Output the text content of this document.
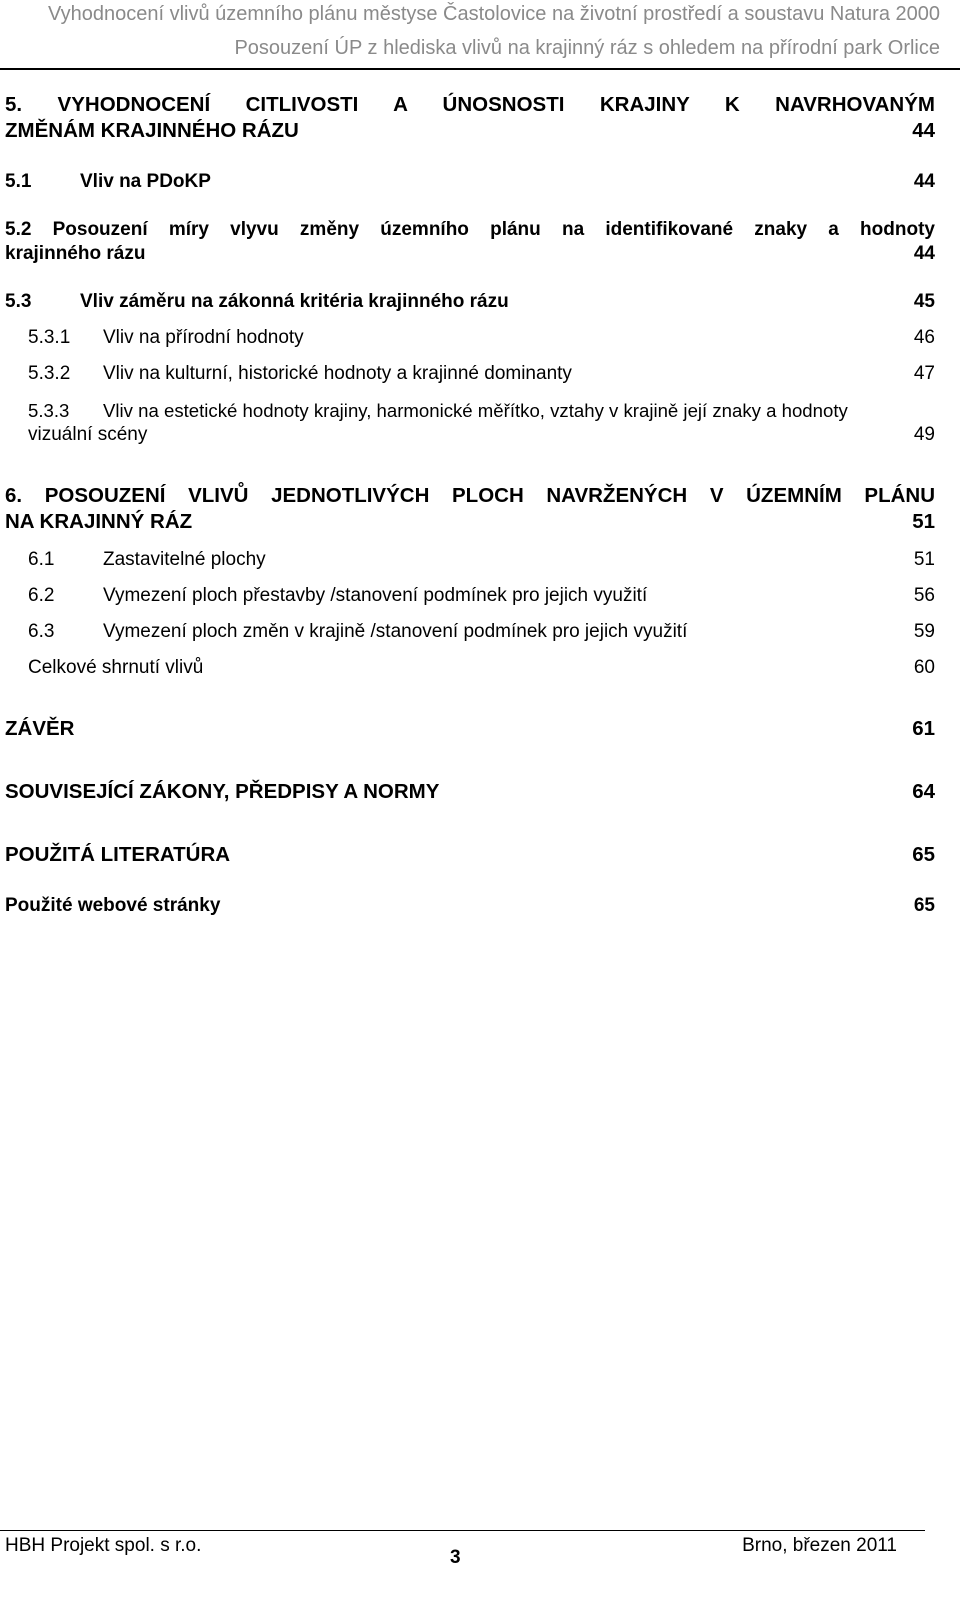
Vyhodnocení vlivů územního plánu městyse Častolovice na životní prostředí a soustavu Natura 2000
Posouzení ÚP z hlediska vlivů na krajinný ráz s ohledem na přírodní park Orlice
5. VYHODNOCENÍ CITLIVOSTI A ÚNOSNOSTI KRAJINY K NAVRHOVANÝM
ZMĚNÁM KRAJINNÉHO RÁZU	44
5.1	Vliv na PDoKP	44
5.2 Posouzení míry vlyvu změny územního plánu na identifikované znaky a hodnoty
krajinného rázu	44
5.3	Vliv záměru na zákonná kritéria krajinného rázu	45
5.3.1 Vliv na přírodní hodnoty	46
5.3.2 Vliv na kulturní, historické hodnoty a krajinné dominanty	47
5.3.3 Vliv na estetické hodnoty krajiny, harmonické měřítko, vztahy v krajině její znaky a hodnoty
vizuální scény	49
6. POSOUZENÍ VLIVŮ JEDNOTLIVÝCH PLOCH NAVRŽENÝCH V ÚZEMNÍM PLÁNU
NA KRAJINNÝ RÁZ	51
6.1	Zastavitelné plochy	51
6.2	Vymezení ploch přestavby /stanovení podmínek pro jejich využití	56
6.3	Vymezení ploch změn v krajině /stanovení podmínek pro jejich využití	59
Celkové shrnutí vlivů	60
ZÁVĚR	61
SOUVISEJÍCÍ ZÁKONY, PŘEDPISY A NORMY	64
POUŽITÁ LITERATÚRA	65
Použité webové stránky	65
HBH Projekt spol. s r.o.
3
Brno, březen 2011
